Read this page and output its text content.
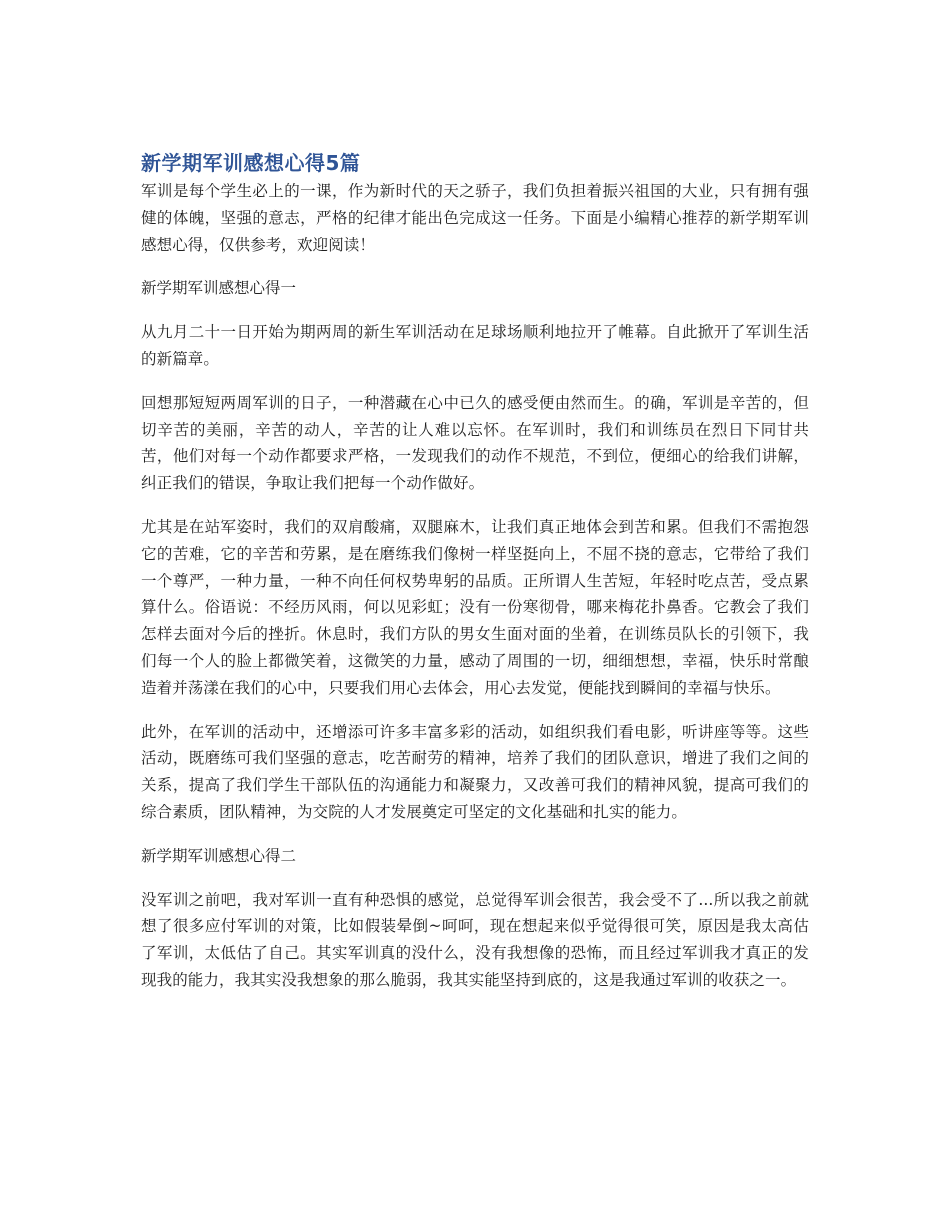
新学期军训感想心得5篇

军训是每个学生必上的一课，作为新时代的天之骄子，我们负担着振兴祖国的大业，只有拥有强健的体魄，坚强的意志，严格的纪律才能出色完成这一任务。下面是小编精心推荐的新学期军训感想心得，仅供参考，欢迎阅读！

新学期军训感想心得一

从九月二十一日开始为期两周的新生军训活动在足球场顺利地拉开了帷幕。自此掀开了军训生活的新篇章。

回想那短短两周军训的日子，一种潜藏在心中已久的感受便由然而生。的确，军训是辛苦的，但切辛苦的美丽，辛苦的动人，辛苦的让人难以忘怀。在军训时，我们和训练员在烈日下同甘共苦，他们对每一个动作都要求严格，一发现我们的动作不规范，不到位，便细心的给我们讲解，纠正我们的错误，争取让我们把每一个动作做好。

尤其是在站军姿时，我们的双肩酸痛，双腿麻木，让我们真正地体会到苦和累。但我们不需抱怨它的苦难，它的辛苦和劳累，是在磨练我们像树一样坚挺向上，不屈不挠的意志，它带给了我们一个尊严，一种力量，一种不向任何权势卑躬的品质。正所谓人生苦短，年轻时吃点苦，受点累算什么。俗语说：不经历风雨，何以见彩虹；没有一份寒彻骨，哪来梅花扑鼻香。它教会了我们怎样去面对今后的挫折。休息时，我们方队的男女生面对面的坐着，在训练员队长的引领下，我们每一个人的脸上都微笑着，这微笑的力量，感动了周围的一切，细细想想，幸福，快乐时常酿造着并荡漾在我们的心中，只要我们用心去体会，用心去发觉，便能找到瞬间的幸福与快乐。

此外，在军训的活动中，还增添可许多丰富多彩的活动，如组织我们看电影，听讲座等等。这些活动，既磨练可我们坚强的意志，吃苦耐劳的精神，培养了我们的团队意识，增进了我们之间的关系，提高了我们学生干部队伍的沟通能力和凝聚力，又改善可我们的精神风貌，提高可我们的综合素质，团队精神，为交院的人才发展奠定可坚定的文化基础和扎实的能力。

新学期军训感想心得二

没军训之前吧，我对军训一直有种恐惧的感觉，总觉得军训会很苦，我会受不了...所以我之前就想了很多应付军训的对策，比如假装晕倒~呵呵，现在想起来似乎觉得很可笑，原因是我太高估了军训，太低估了自己。其实军训真的没什么，没有我想像的恐怖，而且经过军训我才真正的发现我的能力，我其实没我想象的那么脆弱，我其实能坚持到底的，这是我通过军训的收获之一。
